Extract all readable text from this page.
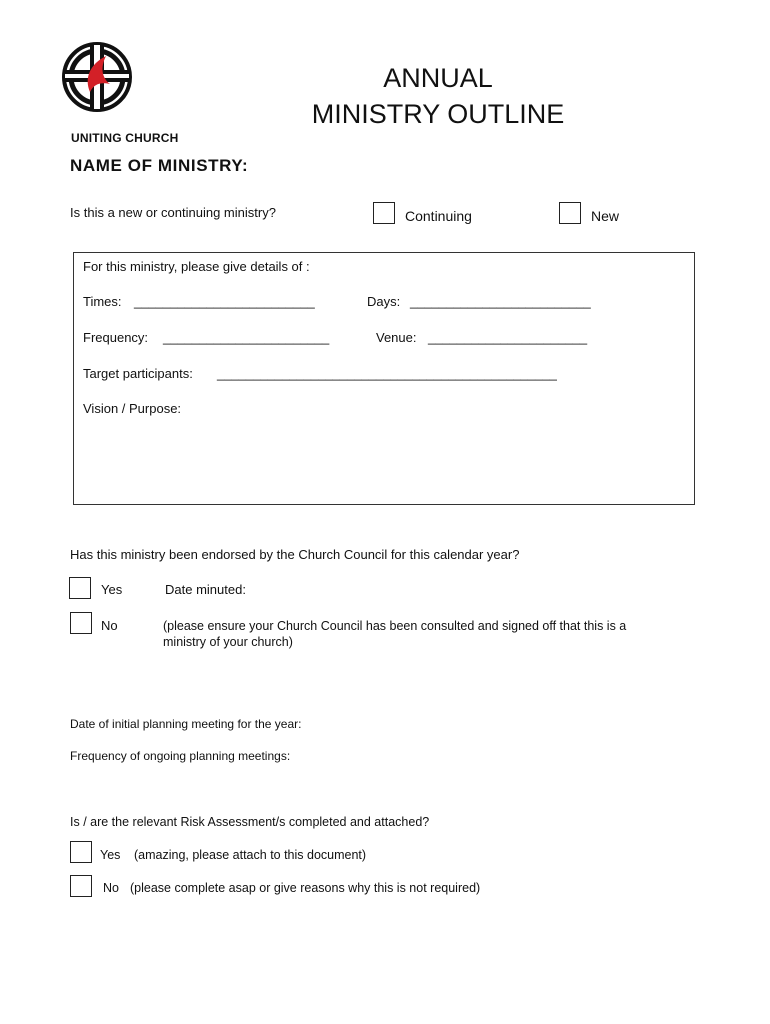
ANNUAL
MINISTRY OUTLINE
UNITING CHURCH
NAME OF MINISTRY:
Is this a new or continuing ministry?	Continuing	New
For this ministry, please give details of :
Times: _________________________	Days: _________________________
Frequency: _______________________	Venue: ______________________
Target participants: _______________________________________________
Vision / Purpose:
Has this ministry been endorsed by the Church Council for this calendar year?
Yes	Date minuted:
No	(please ensure your Church Council has been consulted and signed off that this is a
ministry of your church)
Date of initial planning meeting for the year:
Frequency of ongoing planning meetings:
Is / are the relevant Risk Assessment/s completed and attached?
Yes (amazing, please attach to this document)
No (please complete asap or give reasons why this is not required)
